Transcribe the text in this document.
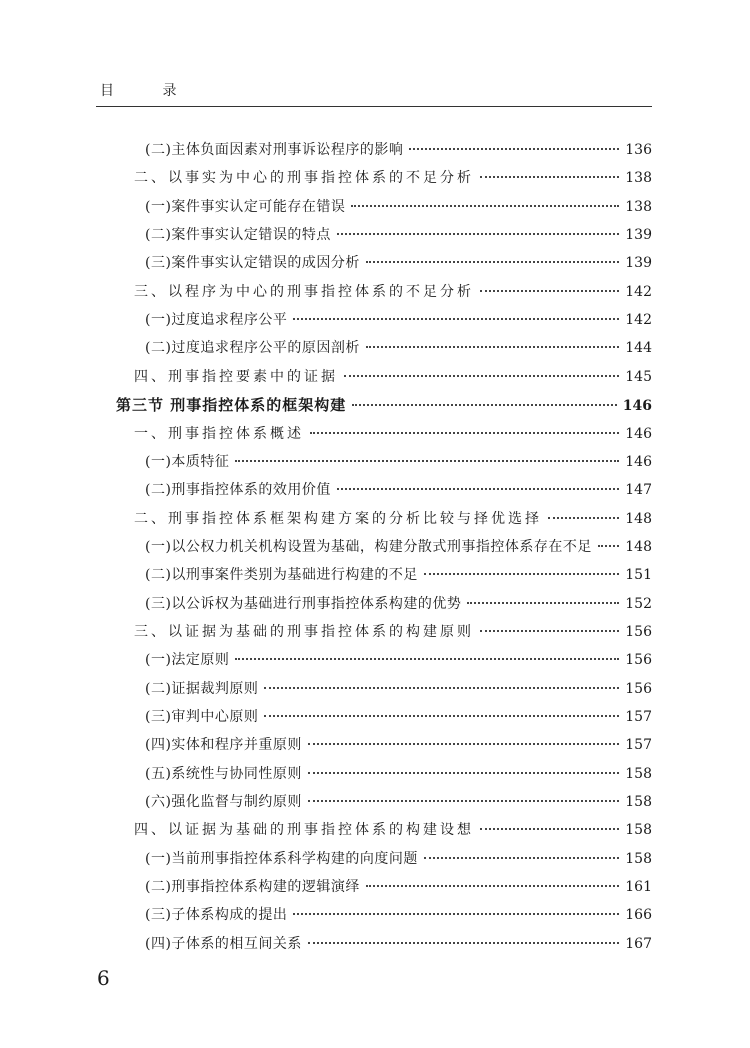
目 录
(二)主体负面因素对刑事诉讼程序的影响	136
二、以事实为中心的刑事指控体系的不足分析	138
(一)案件事实认定可能存在错误	138
(二)案件事实认定错误的特点	139
(三)案件事实认定错误的成因分析	139
三、以程序为中心的刑事指控体系的不足分析	142
(一)过度追求程序公平	142
(二)过度追求程序公平的原因剖析	144
四、刑事指控要素中的证据	145
第三节 刑事指控体系的框架构建	146
一、刑事指控体系概述	146
(一)本质特征	146
(二)刑事指控体系的效用价值	147
二、刑事指控体系框架构建方案的分析比较与择优选择	148
(一)以公权力机关机构设置为基础，构建分散式刑事指控体系存在不足 148
(二)以刑事案件类别为基础进行构建的不足	151
(三)以公诉权为基础进行刑事指控体系构建的优势	152
三、以证据为基础的刑事指控体系的构建原则	156
(一)法定原则	156
(二)证据裁判原则	156
(三)审判中心原则	157
(四)实体和程序并重原则	157
(五)系统性与协同性原则	158
(六)强化监督与制约原则	158
四、以证据为基础的刑事指控体系的构建设想	158
(一)当前刑事指控体系科学构建的向度问题	158
(二)刑事指控体系构建的逻辑演绎	161
(三)子体系构成的提出	166
(四)子体系的相互间关系	167
6
